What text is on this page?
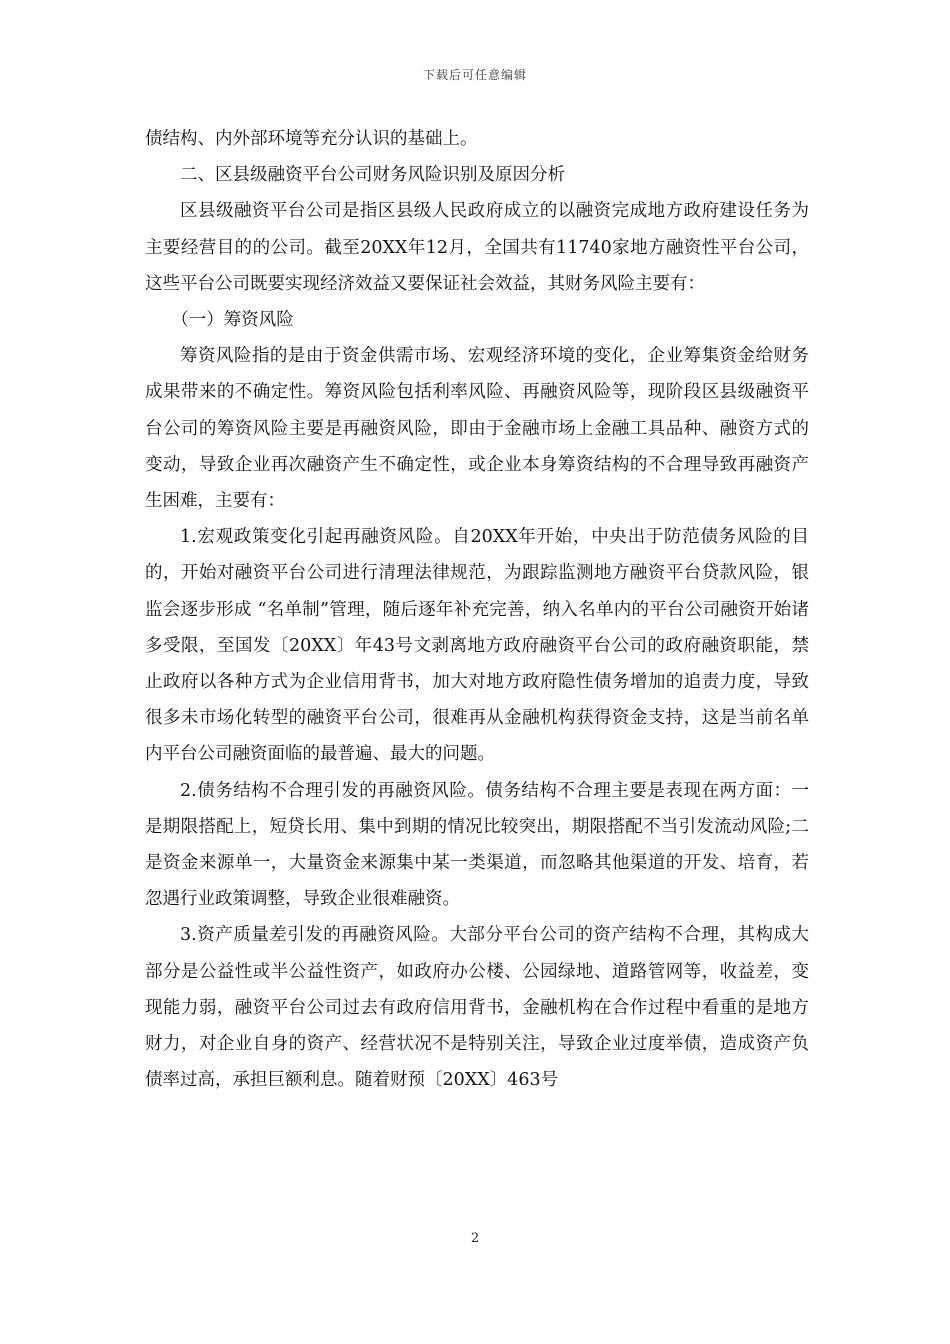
下载后可任意编辑

债结构、内外部环境等充分认识的基础上。

二、区县级融资平台公司财务风险识别及原因分析

区县级融资平台公司是指区县级人民政府成立的以融资完成地方政府建设任务为主要经营目的的公司。截至20XX年12月，全国共有11740家地方融资性平台公司，这些平台公司既要实现经济效益又要保证社会效益，其财务风险主要有：

（一）筹资风险

筹资风险指的是由于资金供需市场、宏观经济环境的变化，企业筹集资金给财务成果带来的不确定性。筹资风险包括利率风险、再融资风险等，现阶段区县级融资平台公司的筹资风险主要是再融资风险，即由于金融市场上金融工具品种、融资方式的变动，导致企业再次融资产生不确定性，或企业本身筹资结构的不合理导致再融资产生困难，主要有：

1.宏观政策变化引起再融资风险。自20XX年开始，中央出于防范债务风险的目的，开始对融资平台公司进行清理法律规范，为跟踪监测地方融资平台贷款风险，银监会逐步形成 “名单制”管理，随后逐年补充完善，纳入名单内的平台公司融资开始诸多受限，至国发〔20XX〕年43号文剥离地方政府融资平台公司的政府融资职能，禁止政府以各种方式为企业信用背书，加大对地方政府隐性债务增加的追责力度，导致很多未市场化转型的融资平台公司，很难再从金融机构获得资金支持，这是当前名单内平台公司融资面临的最普遍、最大的问题。

2.债务结构不合理引发的再融资风险。债务结构不合理主要是表现在两方面：一是期限搭配上，短贷长用、集中到期的情况比较突出，期限搭配不当引发流动风险;二是资金来源单一，大量资金来源集中某一类渠道，而忽略其他渠道的开发、培育，若忽遇行业政策调整，导致企业很难融资。

3.资产质量差引发的再融资风险。大部分平台公司的资产结构不合理，其构成大部分是公益性或半公益性资产，如政府办公楼、公园绿地、道路管网等，收益差，变现能力弱，融资平台公司过去有政府信用背书，金融机构在合作过程中看重的是地方财力，对企业自身的资产、经营状况不是特别关注，导致企业过度举债，造成资产负债率过高，承担巨额利息。随着财预〔20XX〕463号

2
